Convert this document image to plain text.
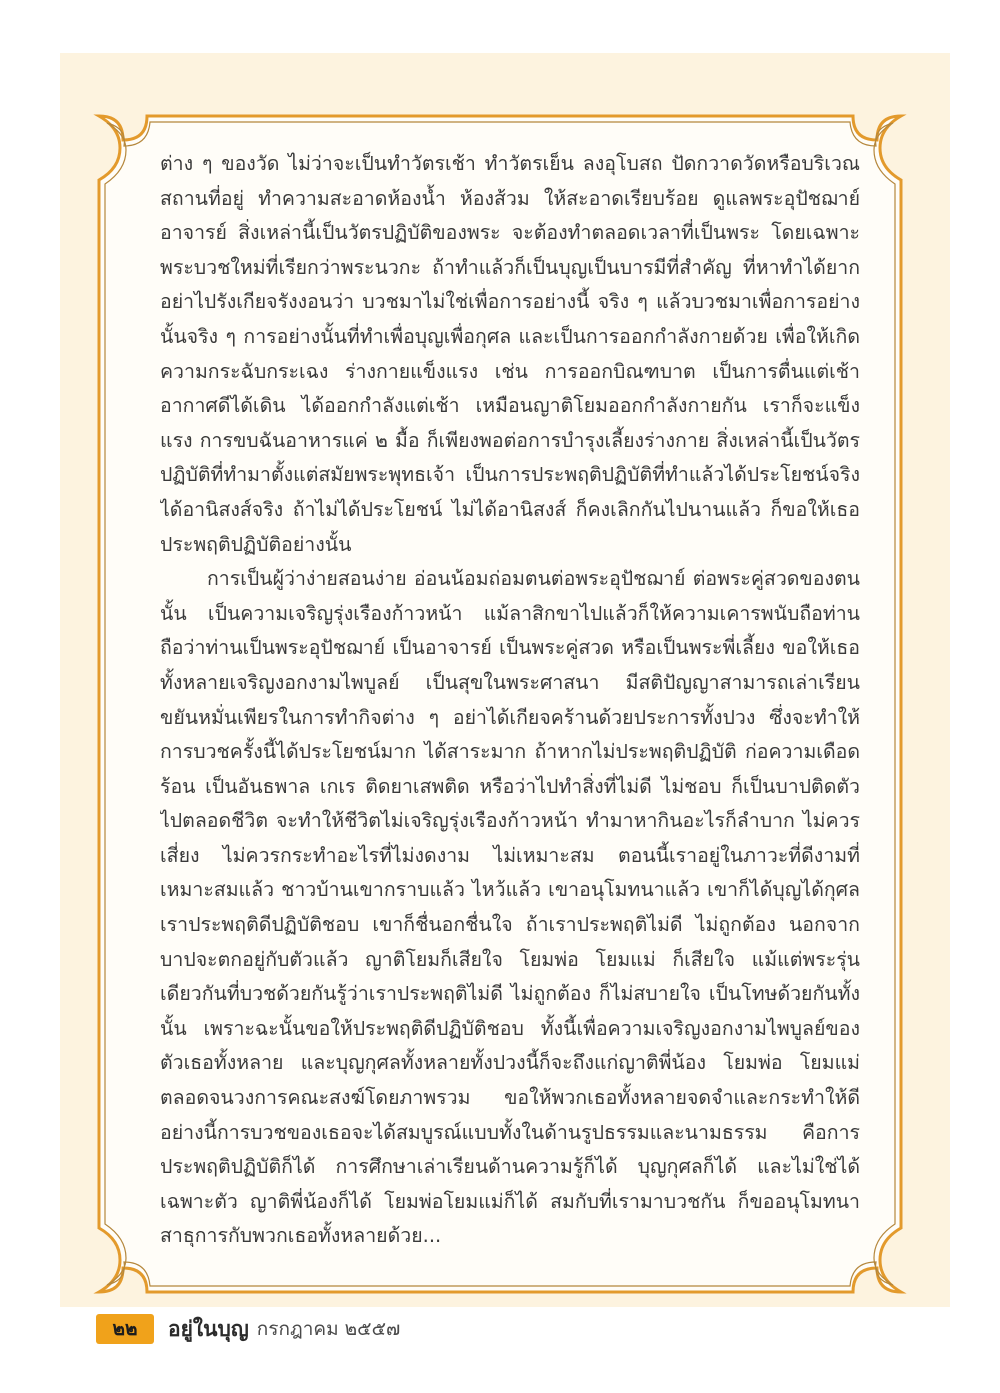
ต่าง ๆ ของวัด ไม่ว่าจะเป็นทำวัตรเช้า ทำวัตรเย็น ลงอุโบสถ ปัดกวาดวัดหรือบริเวณสถานที่อยู่ ทำความสะอาดห้องน้ำ ห้องส้วม ให้สะอาดเรียบร้อย ดูแลพระอุปัชฌาย์อาจารย์ สิ่งเหล่านี้เป็นวัตรปฏิบัติของพระ จะต้องทำตลอดเวลาที่เป็นพระ โดยเฉพาะพระบวชใหม่ที่เรียกว่าพระนวกะ ถ้าทำแล้วก็เป็นบุญเป็นบารมีที่สำคัญ ที่หาทำได้ยาก อย่าไปรังเกียจรังงอนว่า บวชมาไม่ใช่เพื่อการอย่างนี้ จริง ๆ แล้วบวชมาเพื่อการอย่างนั้นจริง ๆ การอย่างนั้นที่ทำเพื่อบุญเพื่อกุศล และเป็นการออกกำลังกายด้วย เพื่อให้เกิดความกระฉับกระเฉง ร่างกายแข็งแรง เช่น การออกบิณฑบาต เป็นการตื่นแต่เช้า อากาศดีได้เดิน ได้ออกกำลังแต่เช้า เหมือนญาติโยมออกกำลังกายกัน เราก็จะแข็งแรง การขบฉันอาหารแค่ ๒ มื้อ ก็เพียงพอต่อการบำรุงเลี้ยงร่างกาย สิ่งเหล่านี้เป็นวัตรปฏิบัติที่ทำมาตั้งแต่สมัยพระพุทธเจ้า เป็นการประพฤติปฏิบัติที่ทำแล้วได้ประโยชน์จริง ได้อานิสงส์จริง ถ้าไม่ได้ประโยชน์ ไม่ได้อานิสงส์ ก็คงเลิกกันไปนานแล้ว ก็ขอให้เธอประพฤติปฏิบัติอย่างนั้น

การเป็นผู้ว่าง่ายสอนง่าย อ่อนน้อมถ่อมตนต่อพระอุปัชฌาย์ ต่อพระคู่สวดของตนนั้น เป็นความเจริญรุ่งเรืองก้าวหน้า แม้ลาสิกขาไปแล้วก็ให้ความเคารพนับถือท่านถือว่าท่านเป็นพระอุปัชฌาย์ เป็นอาจารย์ เป็นพระคู่สวด หรือเป็นพระพี่เลี้ยง ขอให้เธอทั้งหลายเจริญงอกงามไพบูลย์ เป็นสุขในพระศาสนา มีสติปัญญาสามารถเล่าเรียน ขยันหมั่นเพียรในการทำกิจต่าง ๆ อย่าได้เกียจคร้านด้วยประการทั้งปวง ซึ่งจะทำให้การบวชครั้งนี้ได้ประโยชน์มาก ได้สาระมาก ถ้าหากไม่ประพฤติปฏิบัติ ก่อความเดือดร้อน เป็นอันธพาล เกเร ติดยาเสพติด หรือว่าไปทำสิ่งที่ไม่ดี ไม่ชอบ ก็เป็นบาปติดตัวไปตลอดชีวิต จะทำให้ชีวิตไม่เจริญรุ่งเรืองก้าวหน้า ทำมาหากินอะไรก็ลำบาก ไม่ควรเสี่ยง ไม่ควรกระทำอะไรที่ไม่งดงาม ไม่เหมาะสม ตอนนี้เราอยู่ในภาวะที่ดีงามที่เหมาะสมแล้ว ชาวบ้านเขากราบแล้ว ไหว้แล้ว เขาอนุโมทนาแล้ว เขาก็ได้บุญได้กุศล เราประพฤติดีปฏิบัติชอบ เขาก็ชื่นอกชื่นใจ ถ้าเราประพฤติไม่ดี ไม่ถูกต้อง นอกจากบาปจะตกอยู่กับตัวแล้ว ญาติโยมก็เสียใจ โยมพ่อ โยมแม่ ก็เสียใจ แม้แต่พระรุ่นเดียวกันที่บวชด้วยกันรู้ว่าเราประพฤติไม่ดี ไม่ถูกต้อง ก็ไม่สบายใจ เป็นโทษด้วยกันทั้งนั้น เพราะฉะนั้นขอให้ประพฤติดีปฏิบัติชอบ ทั้งนี้เพื่อความเจริญงอกงามไพบูลย์ของตัวเธอทั้งหลาย และบุญกุศลทั้งหลายทั้งปวงนี้ก็จะถึงแก่ญาติพี่น้อง โยมพ่อ โยมแม่ ตลอดจนวงการคณะสงฆ์โดยภาพรวม ขอให้พวกเธอทั้งหลายจดจำและกระทำให้ดี อย่างนี้การบวชของเธอจะได้สมบูรณ์แบบทั้งในด้านรูปธรรมและนามธรรม คือการประพฤติปฏิบัติก็ได้ การศึกษาเล่าเรียนด้านความรู้ก็ได้ บุญกุศลก็ได้ และไม่ใช่ได้เฉพาะตัว ญาติพี่น้องก็ได้ โยมพ่อโยมแม่ก็ได้ สมกับที่เรามาบวชกัน ก็ขออนุโมทนาสาธุการกับพวกเธอทั้งหลายด้วย...

๒๒	อยู่ในบุญ กรกฎาคม ๒๕๕๗
